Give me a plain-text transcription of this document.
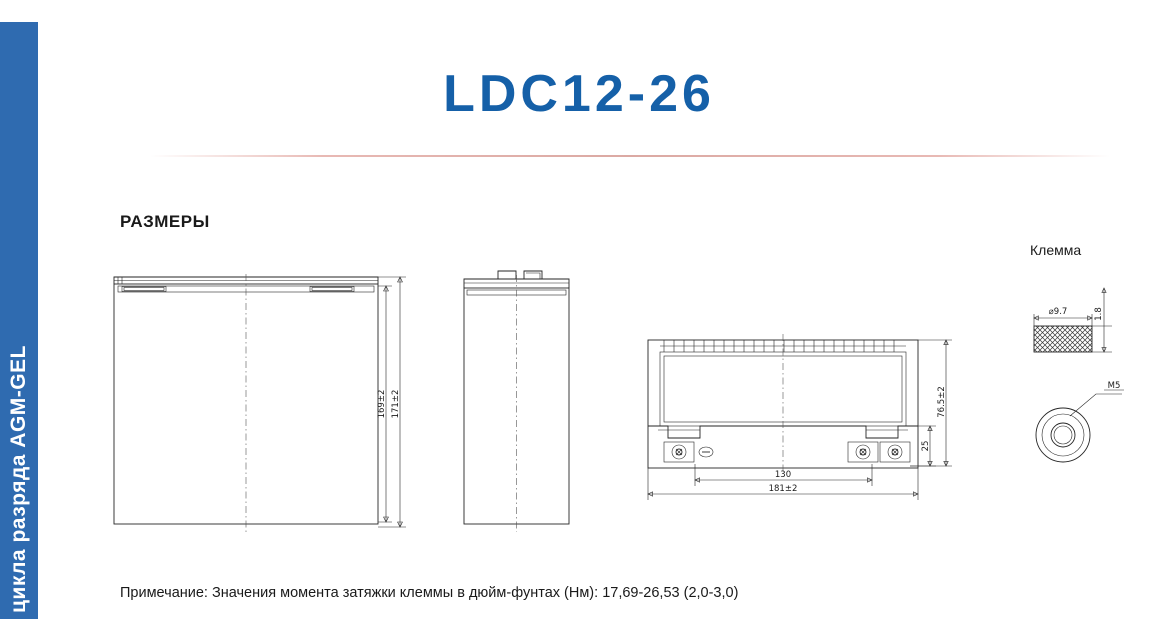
цикла разряда AGM-GEL
LDC12-26
РАЗМЕРЫ
Клемма
169±2 171±2
25
76.5±2
130
181±2
⌀9.7	1.8
M5
Примечание: Значения момента затяжки клеммы в дюйм-фунтах (Нм): 17,69-26,53 (2,0-3,0)
